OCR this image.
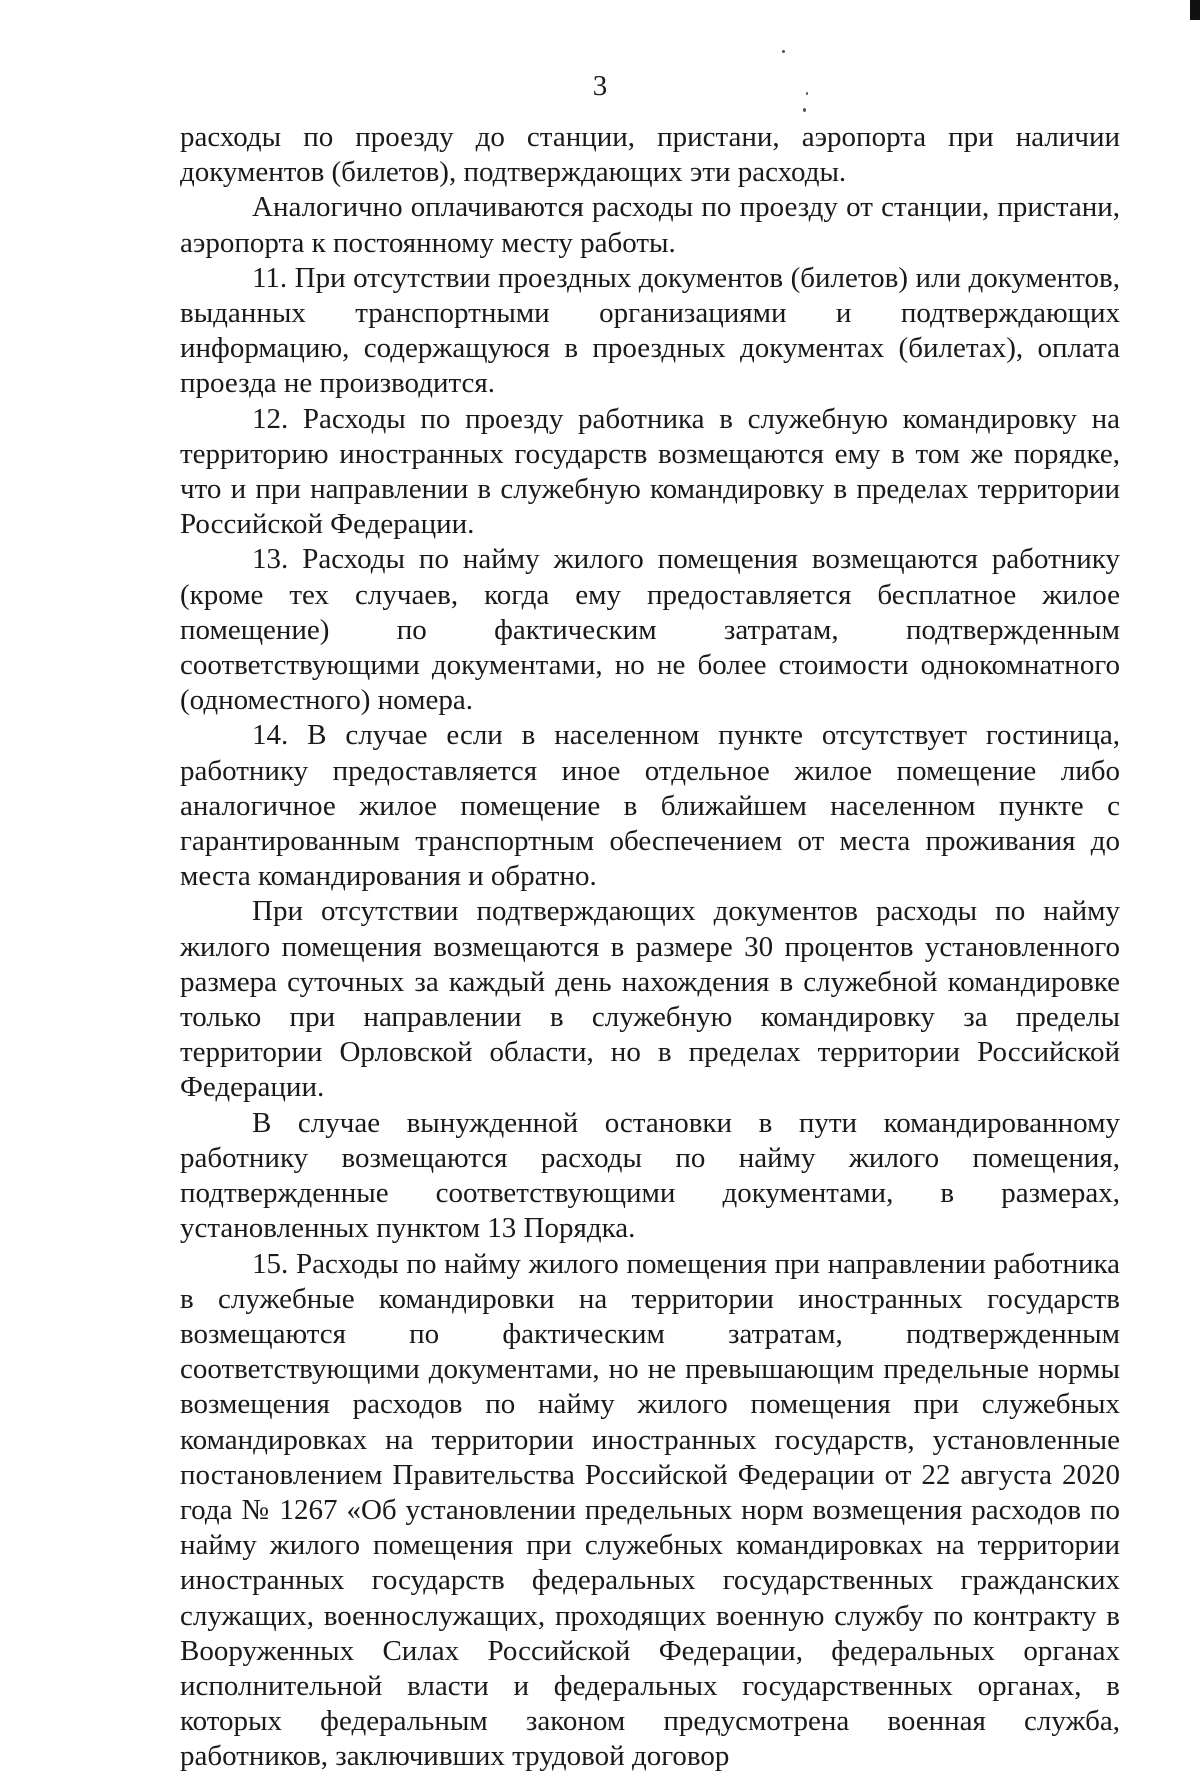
3

расходы по проезду до станции, пристани, аэропорта при наличии документов (билетов), подтверждающих эти расходы.

Аналогично оплачиваются расходы по проезду от станции, пристани, аэропорта к постоянному месту работы.

11. При отсутствии проездных документов (билетов) или документов, выданных транспортными организациями и подтверждающих информацию, содержащуюся в проездных документах (билетах), оплата проезда не производится.

12. Расходы по проезду работника в служебную командировку на территорию иностранных государств возмещаются ему в том же порядке, что и при направлении в служебную командировку в пределах территории Российской Федерации.

13. Расходы по найму жилого помещения возмещаются работнику (кроме тех случаев, когда ему предоставляется бесплатное жилое помещение) по фактическим затратам, подтвержденным соответствующими документами, но не более стоимости однокомнатного (одноместного) номера.

14. В случае если в населенном пункте отсутствует гостиница, работнику предоставляется иное отдельное жилое помещение либо аналогичное жилое помещение в ближайшем населенном пункте с гарантированным транспортным обеспечением от места проживания до места командирования и обратно.

При отсутствии подтверждающих документов расходы по найму жилого помещения возмещаются в размере 30 процентов установленного размера суточных за каждый день нахождения в служебной командировке только при направлении в служебную командировку за пределы территории Орловской области, но в пределах территории Российской Федерации.

В случае вынужденной остановки в пути командированному работнику возмещаются расходы по найму жилого помещения, подтвержденные соответствующими документами, в размерах, установленных пунктом 13 Порядка.

15. Расходы по найму жилого помещения при направлении работника в служебные командировки на территории иностранных государств возмещаются по фактическим затратам, подтвержденным соответствующими документами, но не превышающим предельные нормы возмещения расходов по найму жилого помещения при служебных командировках на территории иностранных государств, установленные постановлением Правительства Российской Федерации от 22 августа 2020 года № 1267 «Об установлении предельных норм возмещения расходов по найму жилого помещения при служебных командировках на территории иностранных государств федеральных государственных гражданских служащих, военнослужащих, проходящих военную службу по контракту в Вооруженных Силах Российской Федерации, федеральных органах исполнительной власти и федеральных государственных органах, в которых федеральным законом предусмотрена военная служба, работников, заключивших трудовой договор
